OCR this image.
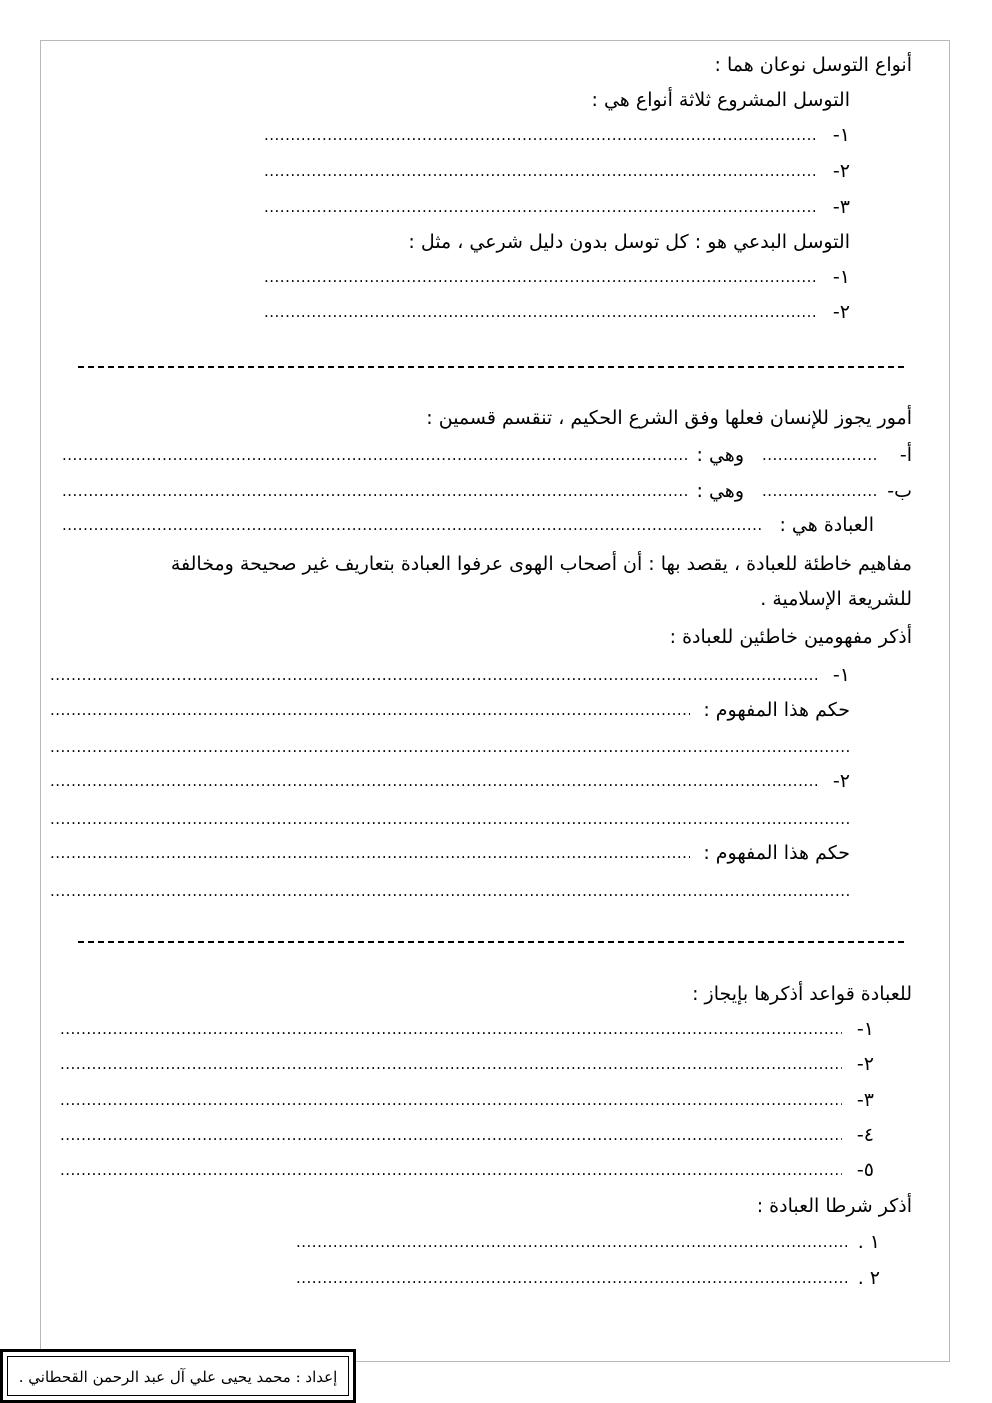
أنواع التوسل نوعان هما :
- التوسل المشروع ثلاثة أنواع هي :
١-
.....
٢-
.....
٣-
.....
- التوسل البدعي هو : كل توسل بدون دليل شرعي ، مثل :
١-
.....
٢-
.....
أمور يجوز للإنسان فعلها وفق الشرع الحكيم ، تنقسم قسمين :
أ-
.....
وهي :
.....
ب-
.....
وهي :
.....
العبادة هي :
.....
مفاهيم خاطئة للعبادة ، يقصد بها : أن أصحاب الهوى عرفوا العبادة بتعاريف غير صحيحة ومخالفة
للشريعة الإسلامية .
أذكر مفهومين خاطئين للعبادة :
١-
.....
- حكم هذا المفهوم :
.....
.....
٢-
.....
.....
- حكم هذا المفهوم :
.....
.....
للعبادة قواعد أذكرها بإيجاز :
١-
.....
٢-
.....
٣-
.....
٤-
.....
٥-
.....
أذكر شرطا العبادة :
١ .
.....
٢ .
.....
إعداد : محمد يحيى علي آل عبد الرحمن القحطاني .
